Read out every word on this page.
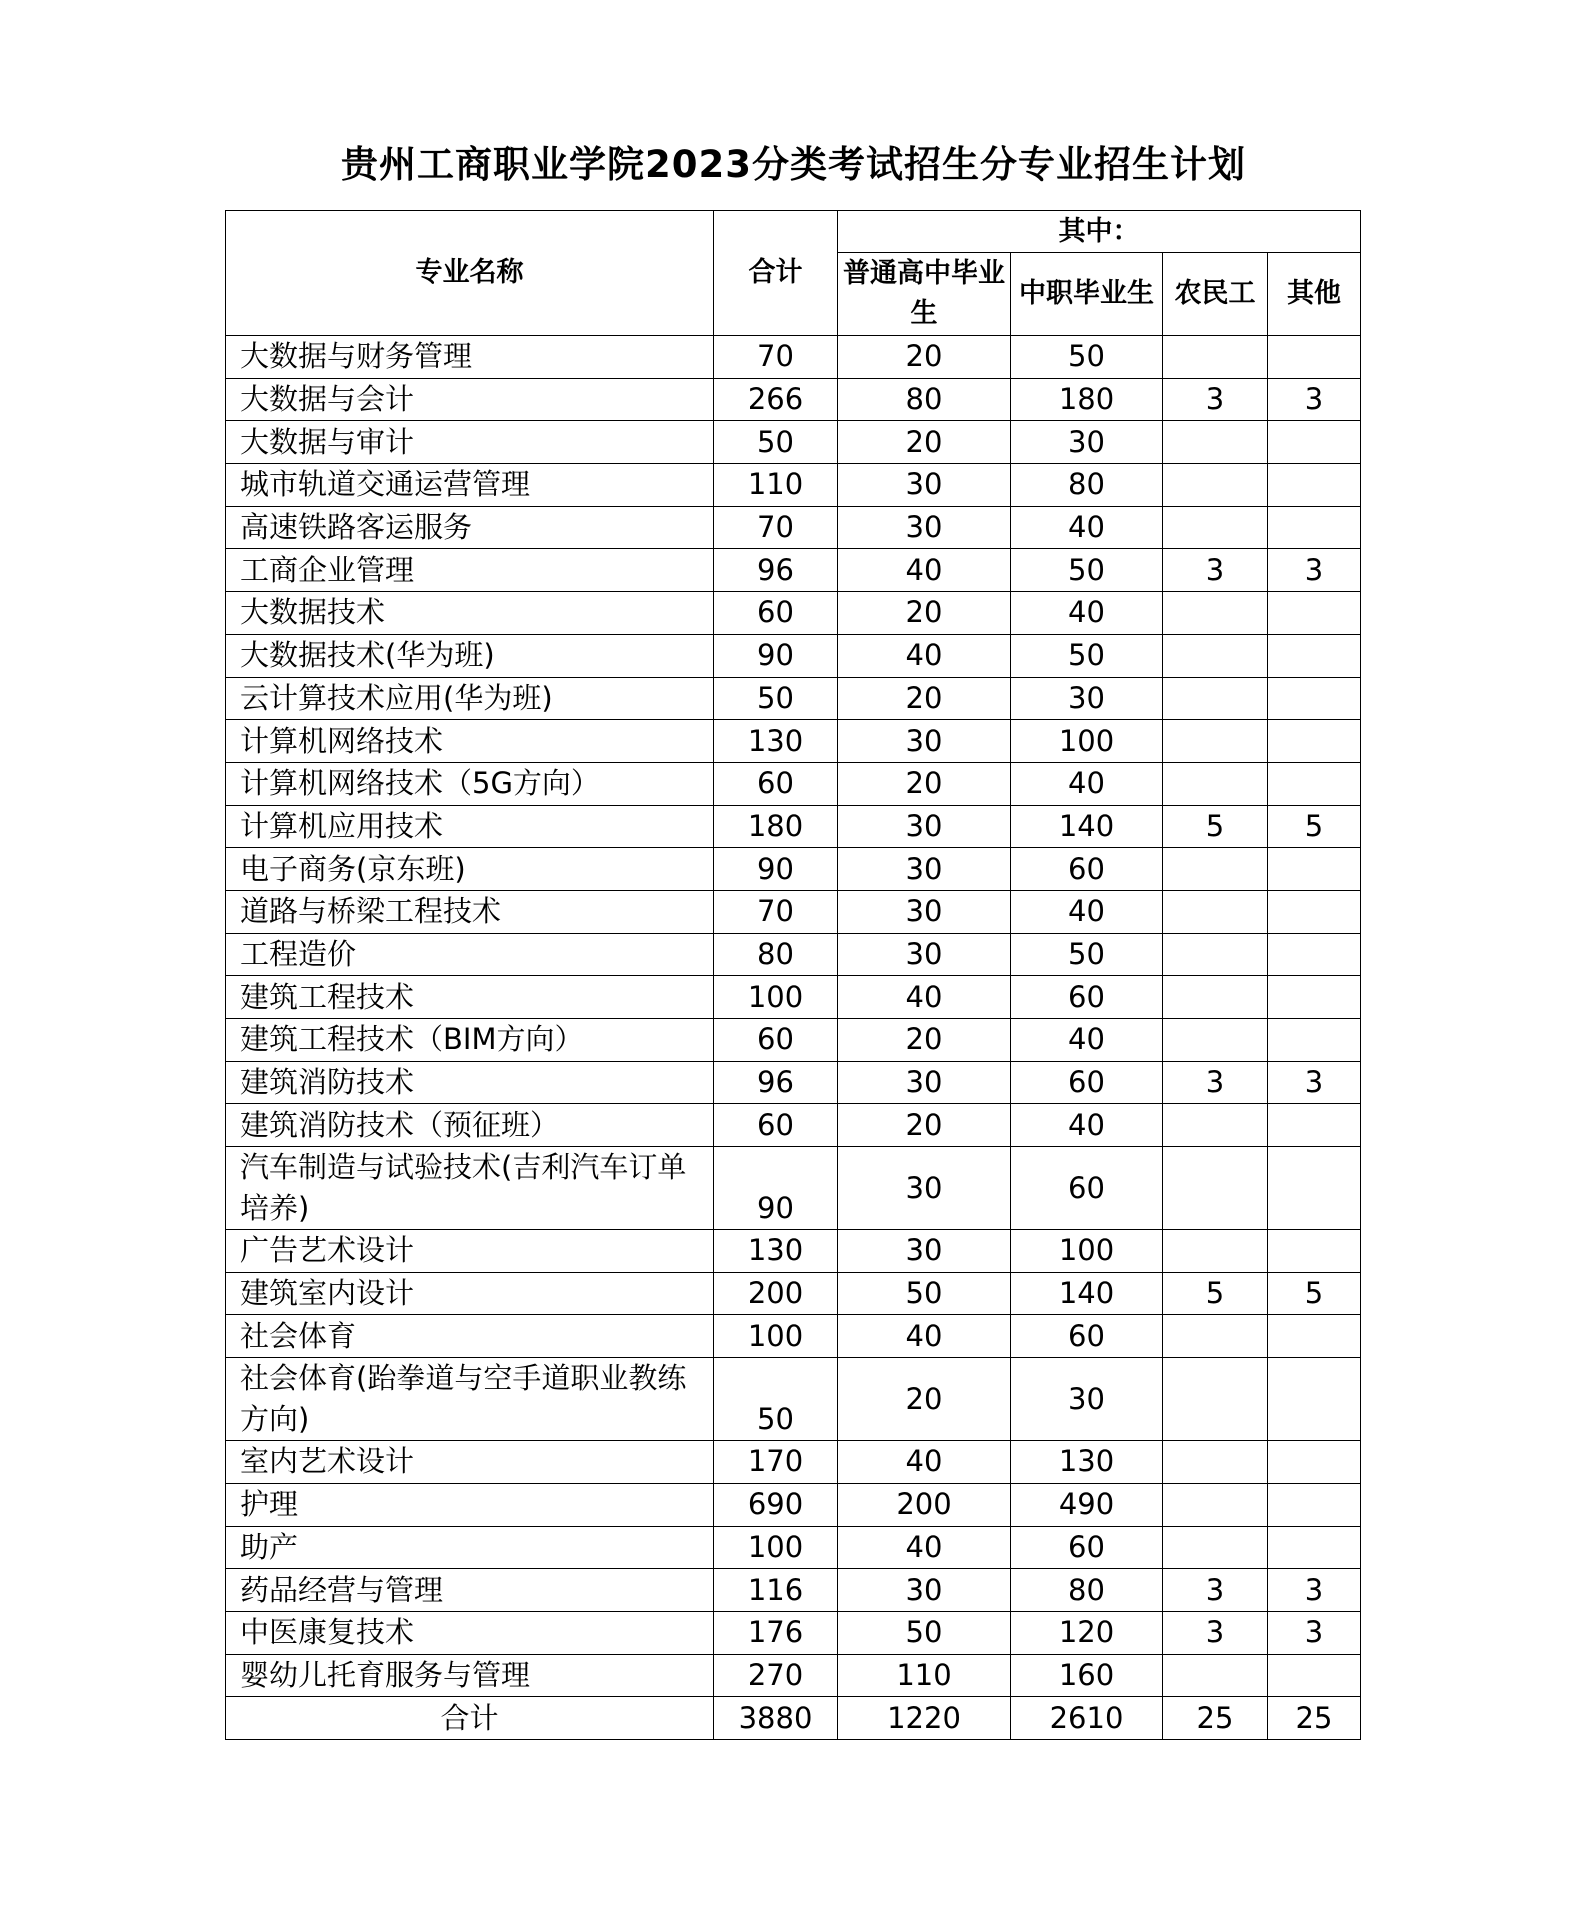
贵州工商职业学院2023分类考试招生分专业招生计划
专业名称	合计	其中：			
		普通高中毕业生	中职毕业生	农民工	其他
大数据与财务管理	70	20	50		
大数据与会计	266	80	180	3	3
大数据与审计	50	20	30		
城市轨道交通运营管理	110	30	80		
高速铁路客运服务	70	30	40		
工商企业管理	96	40	50	3	3
大数据技术	60	20	40		
大数据技术(华为班)	90	40	50		
云计算技术应用(华为班)	50	20	30		
计算机网络技术	130	30	100		
计算机网络技术（5G方向）	60	20	40		
计算机应用技术	180	30	140	5	5
电子商务(京东班)	90	30	60		
道路与桥梁工程技术	70	30	40		
工程造价	80	30	50		
建筑工程技术	100	40	60		
建筑工程技术（BIM方向）	60	20	40		
建筑消防技术	96	30	60	3	3
建筑消防技术（预征班）	60	20	40		
汽车制造与试验技术(吉利汽车订单培养)	90	30	60		
广告艺术设计	130	30	100		
建筑室内设计	200	50	140	5	5
社会体育	100	40	60		
社会体育(跆拳道与空手道职业教练方向)	50	20	30		
室内艺术设计	170	40	130		
护理	690	200	490		
助产	100	40	60		
药品经营与管理	116	30	80	3	3
中医康复技术	176	50	120	3	3
婴幼儿托育服务与管理	270	110	160		
合计	3880	1220	2610	25	25
